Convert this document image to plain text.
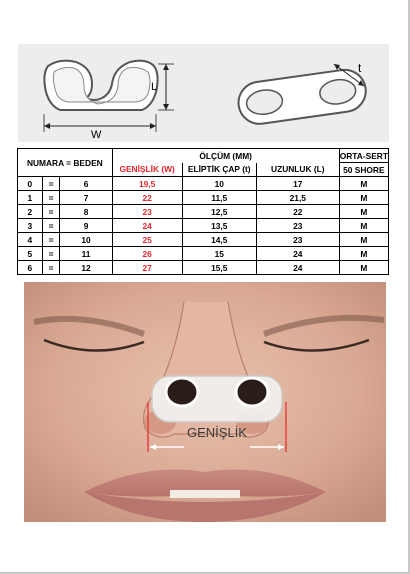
L
W
t
NUMARA = BEDEN			ÖLÇÜM (MM)			ORTA-SERT
			GENİŞLİK (W)	ELİPTİK ÇAP (t)	UZUNLUK (L)	50 SHORE
0	=	6	19,5	10	17	M
1	=	7	22	11,5	21,5	M
2	=	8	23	12,5	22	M
3	=	9	24	13,5	23	M
4	=	10	25	14,5	23	M
5	=	11	26	15	24	M
6	=	12	27	15,5	24	M
GENİŞLİK
